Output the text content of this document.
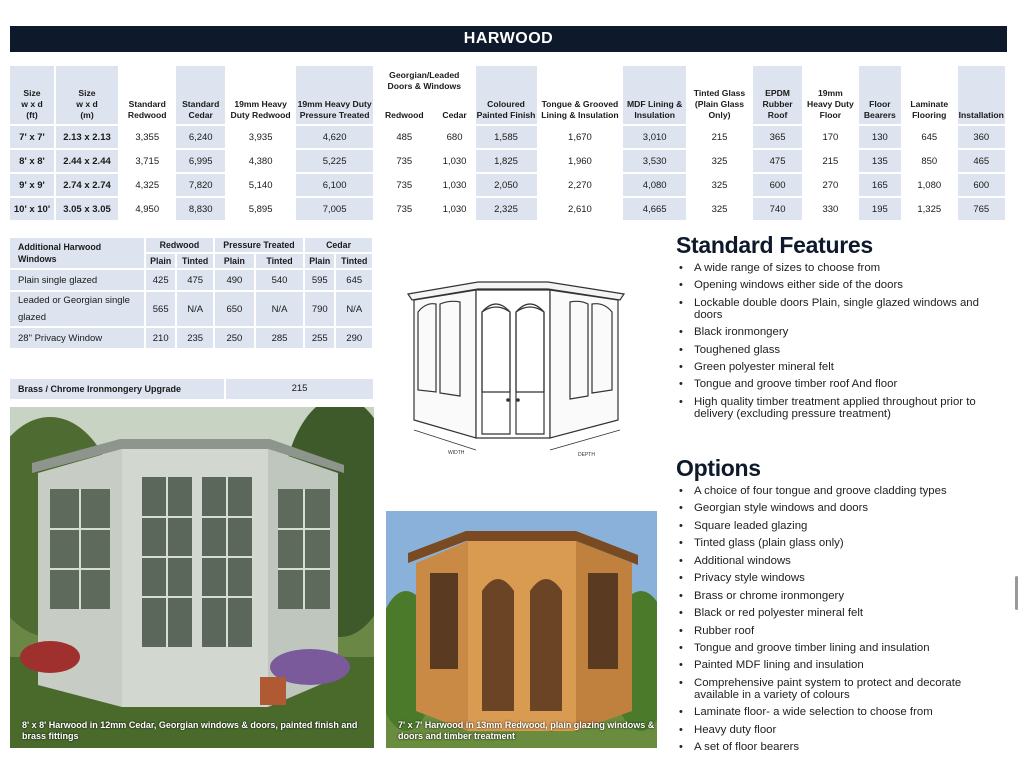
HARWOOD
Size
w x d
(ft)	Size
w x d
(m)	Standard Redwood	Standard Cedar	19mm Heavy Duty Redwood	19mm Heavy Duty Pressure Treated	Georgian/Leaded Doors & Windows		Coloured Painted Finish	Tongue & Grooved Lining & Insulation	MDF Lining & Insulation	Tinted Glass (Plain Glass Only)	EPDM Rubber Roof	19mm Heavy Duty Floor	Floor Bearers	Laminate Flooring	Installation
						Redwood	Cedar									
7' x 7'	2.13 x 2.13	3,355	6,240	3,935	4,620	485	680	1,585	1,670	3,010	215	365	170	130	645	360
8' x 8'	2.44 x 2.44	3,715	6,995	4,380	5,225	735	1,030	1,825	1,960	3,530	325	475	215	135	850	465
9' x 9'	2.74 x 2.74	4,325	7,820	5,140	6,100	735	1,030	2,050	2,270	4,080	325	600	270	165	1,080	600
10' x 10'	3.05 x 3.05	4,950	8,830	5,895	7,005	735	1,030	2,325	2,610	4,665	325	740	330	195	1,325	765
Additional Harwood Windows	Redwood		Pressure Treated		Cedar	
	Plain	Tinted	Plain	Tinted	Plain	Tinted
Plain single glazed	425	475	490	540	595	645
Leaded or Georgian single glazed	565	N/A	650	N/A	790	N/A
28" Privacy Window	210	235	250	285	255	290
Brass / Chrome Ironmongery Upgrade	215
WIDTH	DEPTH
8' x 8' Harwood in 12mm Cedar, Georgian windows & doors, painted finish and brass fittings
7' x 7' Harwood in 13mm Redwood, plain glazing windows & doors and timber treatment
Standard Features
• A wide range of sizes to choose from
• Opening windows either side of the doors
• Lockable double doors Plain, single glazed windows and doors
• Black ironmongery
• Toughened glass
• Green polyester mineral felt
• Tongue and groove timber roof And floor
• High quality timber treatment applied throughout prior to delivery (excluding pressure treatment)
Options
• A choice of four tongue and groove cladding types
• Georgian style windows and doors
• Square leaded glazing
• Tinted glass (plain glass only)
• Additional windows
• Privacy style windows
• Brass or chrome ironmongery
• Black or red polyester mineral felt
• Rubber roof
• Tongue and groove timber lining and insulation
• Painted MDF lining and insulation
• Comprehensive paint system to protect and decorate available in a variety of colours
• Laminate floor- a wide selection to choose from
• Heavy duty floor
• A set of floor bearers
